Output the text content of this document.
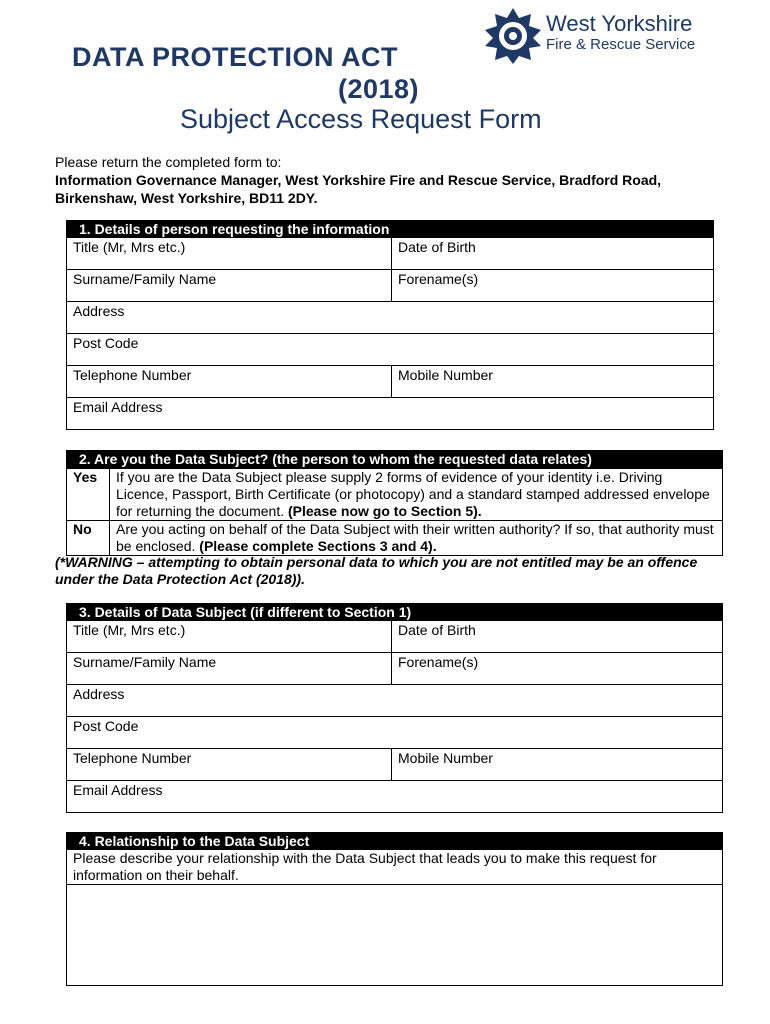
DATA PROTECTION ACT
(2018)
Subject Access Request Form
West Yorkshire
Fire & Rescue Service
Please return the completed form to:
Information Governance Manager, West Yorkshire Fire and Rescue Service, Bradford Road, Birkenshaw, West Yorkshire, BD11 2DY.
1. Details of person requesting the information	
Title (Mr, Mrs etc.)	Date of Birth
Surname/Family Name	Forename(s)
Address	
Post Code	
Telephone Number	Mobile Number
Email Address	
2. Are you the Data Subject? (the person to whom the requested data relates)	
Yes	If you are the Data Subject please supply 2 forms of evidence of your identity i.e. Driving Licence, Passport, Birth Certificate (or photocopy) and a standard stamped addressed envelope for returning the document. (Please now go to Section 5).
No	Are you acting on behalf of the Data Subject with their written authority? If so, that authority must be enclosed. (Please complete Sections 3 and 4).
(*WARNING – attempting to obtain personal data to which you are not entitled may be an offence under the Data Protection Act (2018)).
3. Details of Data Subject (if different to Section 1)	
Title (Mr, Mrs etc.)	Date of Birth
Surname/Family Name	Forename(s)
Address	
Post Code	
Telephone Number	Mobile Number
Email Address	
4. Relationship to the Data Subject
Please describe your relationship with the Data Subject that leads you to make this request for information on their behalf.
